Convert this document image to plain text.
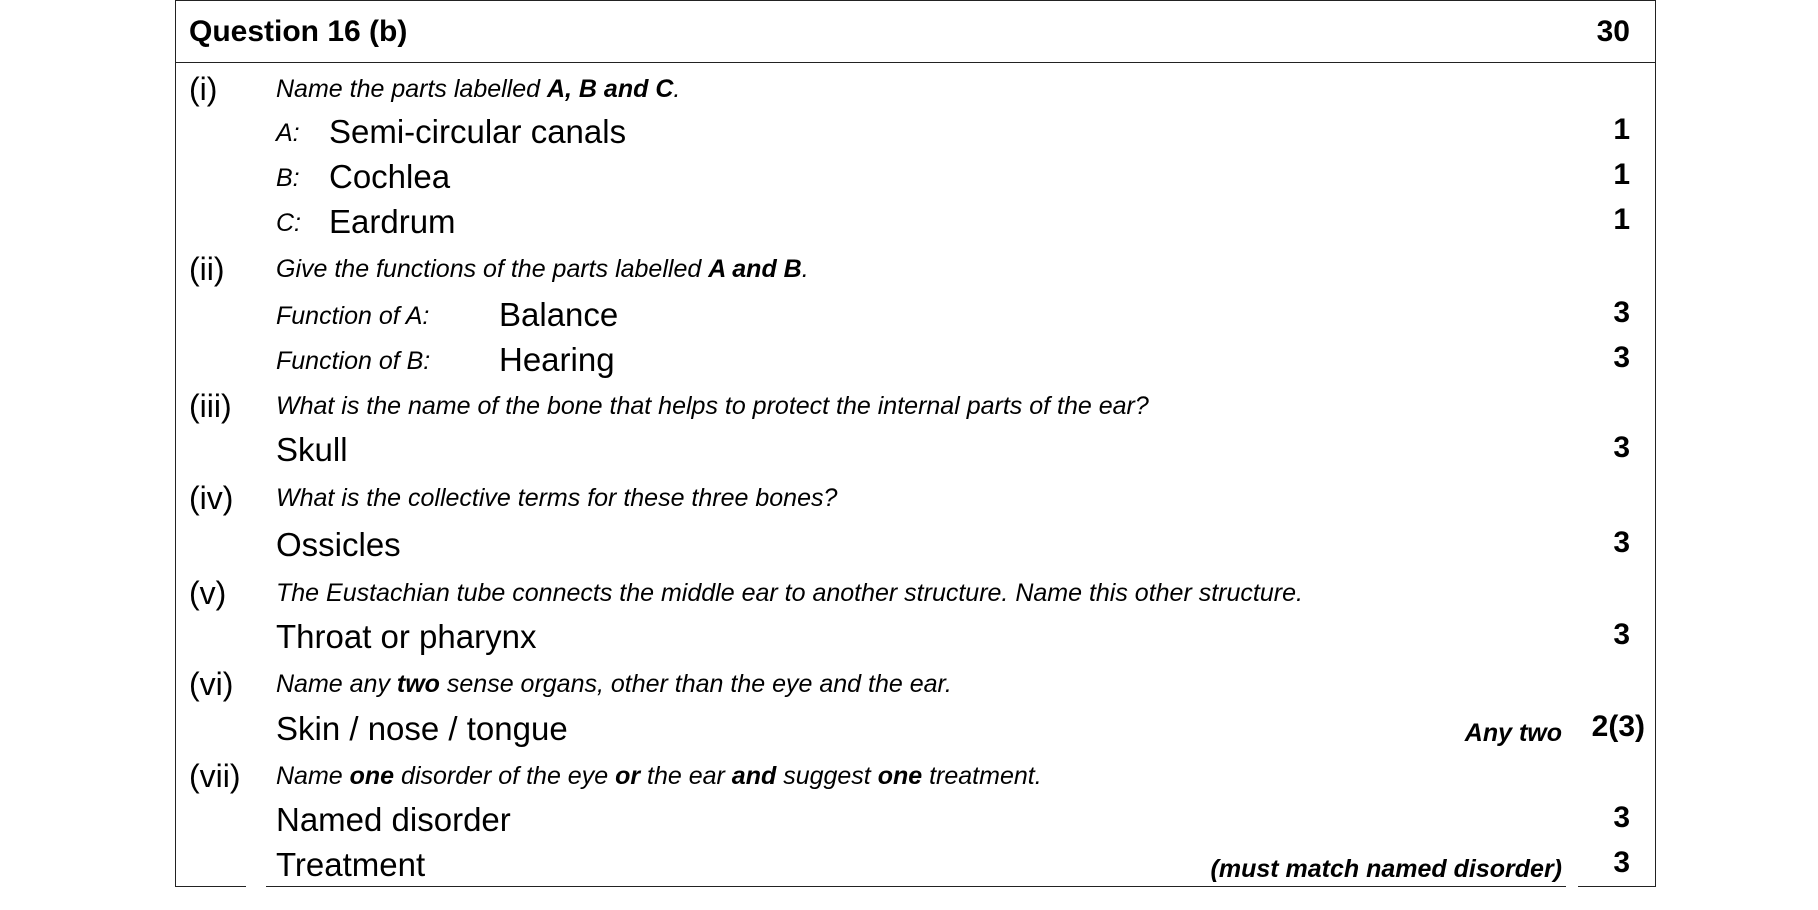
Question 16 (b)	30
(i) Name the parts labelled A, B and C.
A: Semi-circular canals	1
B: Cochlea	1
C: Eardrum	1
(ii) Give the functions of the parts labelled A and B.
Function of A: Balance	3
Function of B: Hearing	3
(iii) What is the name of the bone that helps to protect the internal parts of the ear?
Skull	3
(iv) What is the collective terms for these three bones?
Ossicles	3
(v) The Eustachian tube connects the middle ear to another structure. Name this other structure.
Throat or pharynx	3
(vi) Name any two sense organs, other than the eye and the ear.
Skin / nose / tongue	Any two 2(3)
(vii) Name one disorder of the eye or the ear and suggest one treatment.
Named disorder	3
Treatment	(must match named disorder) 3
